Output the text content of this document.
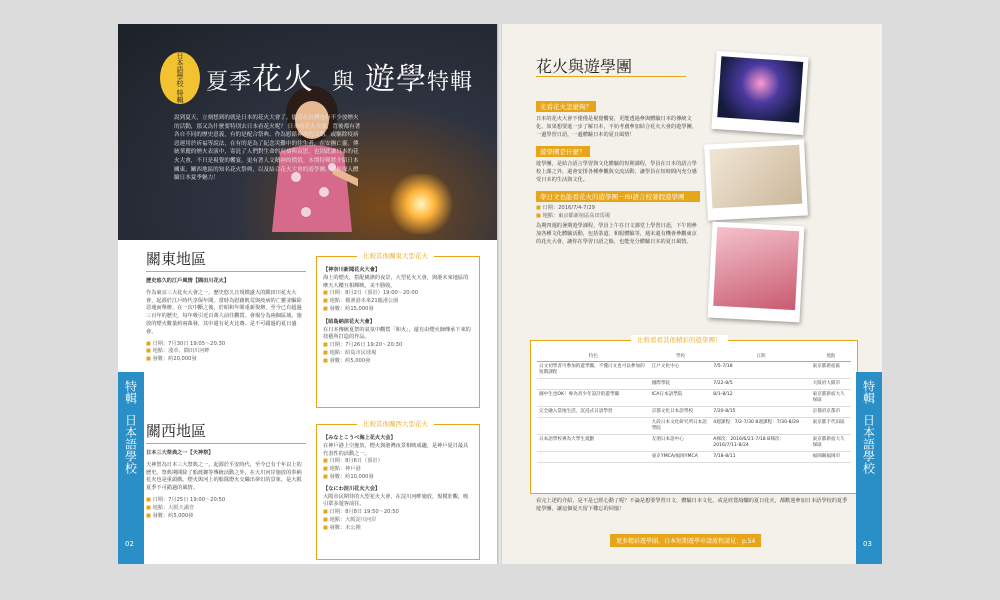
日本語學校 特輯	夏季花火 與 遊學特輯
說到夏天，立刻想到的就是日本的花火大會了。儘管在台灣也有不少放煙火的活動，那又為什麼要特別去日本看花火呢？ 日本的花火大會，背後都有著各自不同的歷史意義，有的是配合祭典、作為慰藉神祇的活動。或驅除疫病惡運用於祈福等說法，在有的是為了紀念災難中的往生者，在安撫亡靈。傳統華麗的煙火表演中，寄託了人們對生命的祝禱與哀思，也因此讓日本的花火大會，不只是視覺的饗宴，更有著人文精神的價值。本期特輯將介紹日本關東、關西地區的知名花火祭典，以及結合花火大會的遊學團，讓你深入體驗日本夏季魅力！
關東地區
歷史悠久的江戶風情【隅田川花火】
作為東京三大花火大會之一，歷史悠久且規模盛大的隅田川花火大會，起源於江戶時代享保年間，當時為慰藉飢荒與疫病的亡靈並驅除惡運而舉辦。在一次中斷之後，於昭和年間重新復辦，至今已有超過三百年的歷史，每年吸引近百萬人前往觀賞。會場分為兩個區域，施放的煙火數量約兩萬發，其中還有花火比賽，是不可錯過的夏日盛會。
■ 日期：7月30日 19:05～20:30
■ 地點：淺草、隅田川河畔
■ 發數：約20,000發
比較其他關東大型花火
【神奈川新聞花火大會】
海上的煙火，搭配橫濱的夜景，大型花火大會，與港未來地區的摩天大樓互相輝映，美不勝收。
■ 日期：8月2日（預計）19:00～20:00
■ 地點：橫濱港未來21臨港公園
■ 發數：約15,000發
【昭島納涼花火大會】
在日本傳統夏祭的氣氛中觀賞「和火」，還有由煙火師傳承下來的技藝所打造的作品。
■ 日期：7月26日 19:20～20:30
■ 地點：昭島市民球場
■ 發數：約5,000發
關西地區
日本三大祭典之一【天神祭】
天神祭為日本三大祭典之一，起源於平安時代，至今已有千年以上的歷史。祭典期間除了船渡御等傳統活動之外，在大川河岸施放的奉納花火也是重頭戲。煙火與河上的船隊燈火交織出夢幻的景象，是大阪夏季不可錯過的風情。
■ 日期：7月25日 19:00～20:50
■ 地點：大阪天滿宮
■ 發數：約5,000發
比較其他關西大型花火
【みなとこうべ海上花火大会】
在神戶港上空施放，煙火與港灣夜景相映成趣，是神戶夏日最具代表性的活動之一。
■ 日期：8月6日（預計）
■ 地點：神戶港
■ 發數：約10,000發
【なにわ淀川花火大会】
大阪市民期待的大型花火大會，在淀川河畔施放，規模壯觀，吸引眾多遊客前往。
■ 日期：8月8日 19:50～20:50
■ 地點：大阪淀川河岸
■ 發數：未公開
特輯
日本語學校
02
花火與遊學團
光看花火怎麼夠？
日本的花火大會不僅僅是視覺饗宴，更能透過參與體驗日本的傳統文化。如果想要進一步了解日本，不妨考慮參加結合花火大會的遊學團，一邊學習日語，一邊體驗日本的夏日風情！
遊學團是什麼？
遊學團，是結合語言學習與文化體驗的短期課程，學員在日本的語言學校上課之外，還會安排各種參觀與交流活動，讓學員在短時間內充分感受日本的生活與文化。
學日文也能看花火的遊學團－ISI語言校暑假遊學團
■ 日期：2016/7/4-7/29
■ 地點：東京都新宿區高田馬場
為期四週的暑期遊學課程，學員上午在日文課堂上學習日語，下午則參加各種文化體驗活動，包括茶道、和服體驗等，週末還有機會參觀東京的花火大會，讓你在學習日語之餘，也能充分體驗日本的夏日風情。
比較看看其他精彩的遊學團！
特色	學校	日期	地點
日文初學者可參加的遊學團，不懂日文也可以參加的短期課程	江戶文化中心	7/5-7/18	東京都新宿區
	國際學院	7/22-8/5	大阪府大阪市
國中生也OK！專為青少年設計的遊學團	ICA日本語學院	8/1-8/12	東京都新宿大久保區
完全融入當地生活，沉浸式日語學習	京都文化日本語學校	7/20-8/15	京都府京都市
	九段日本文化研究所日本語學院	4週課程：7/2-7/30 8週課程：7/30-8/29	東京都千代田區
日本語學校專為大學生規劃	友朋日本語中心	A梯次：2016/6/21-7/18 B梯次：2016/7/11-8/24	東京都新宿大久保區
	東京YMCA/福岡YMCA	7/18-8/11	福岡縣福岡市
看完上述的介紹，是不是已經心動了呢？不論是想要學習日文、體驗日本文化，或是欣賞絢爛的夏日花火，都歡迎參加日本語學校的夏季遊學團，讓這個夏天留下難忘的回憶！
更多精彩遊學團，日本短期遊學申請流程請見：p.54
特輯
日本語學校
03
